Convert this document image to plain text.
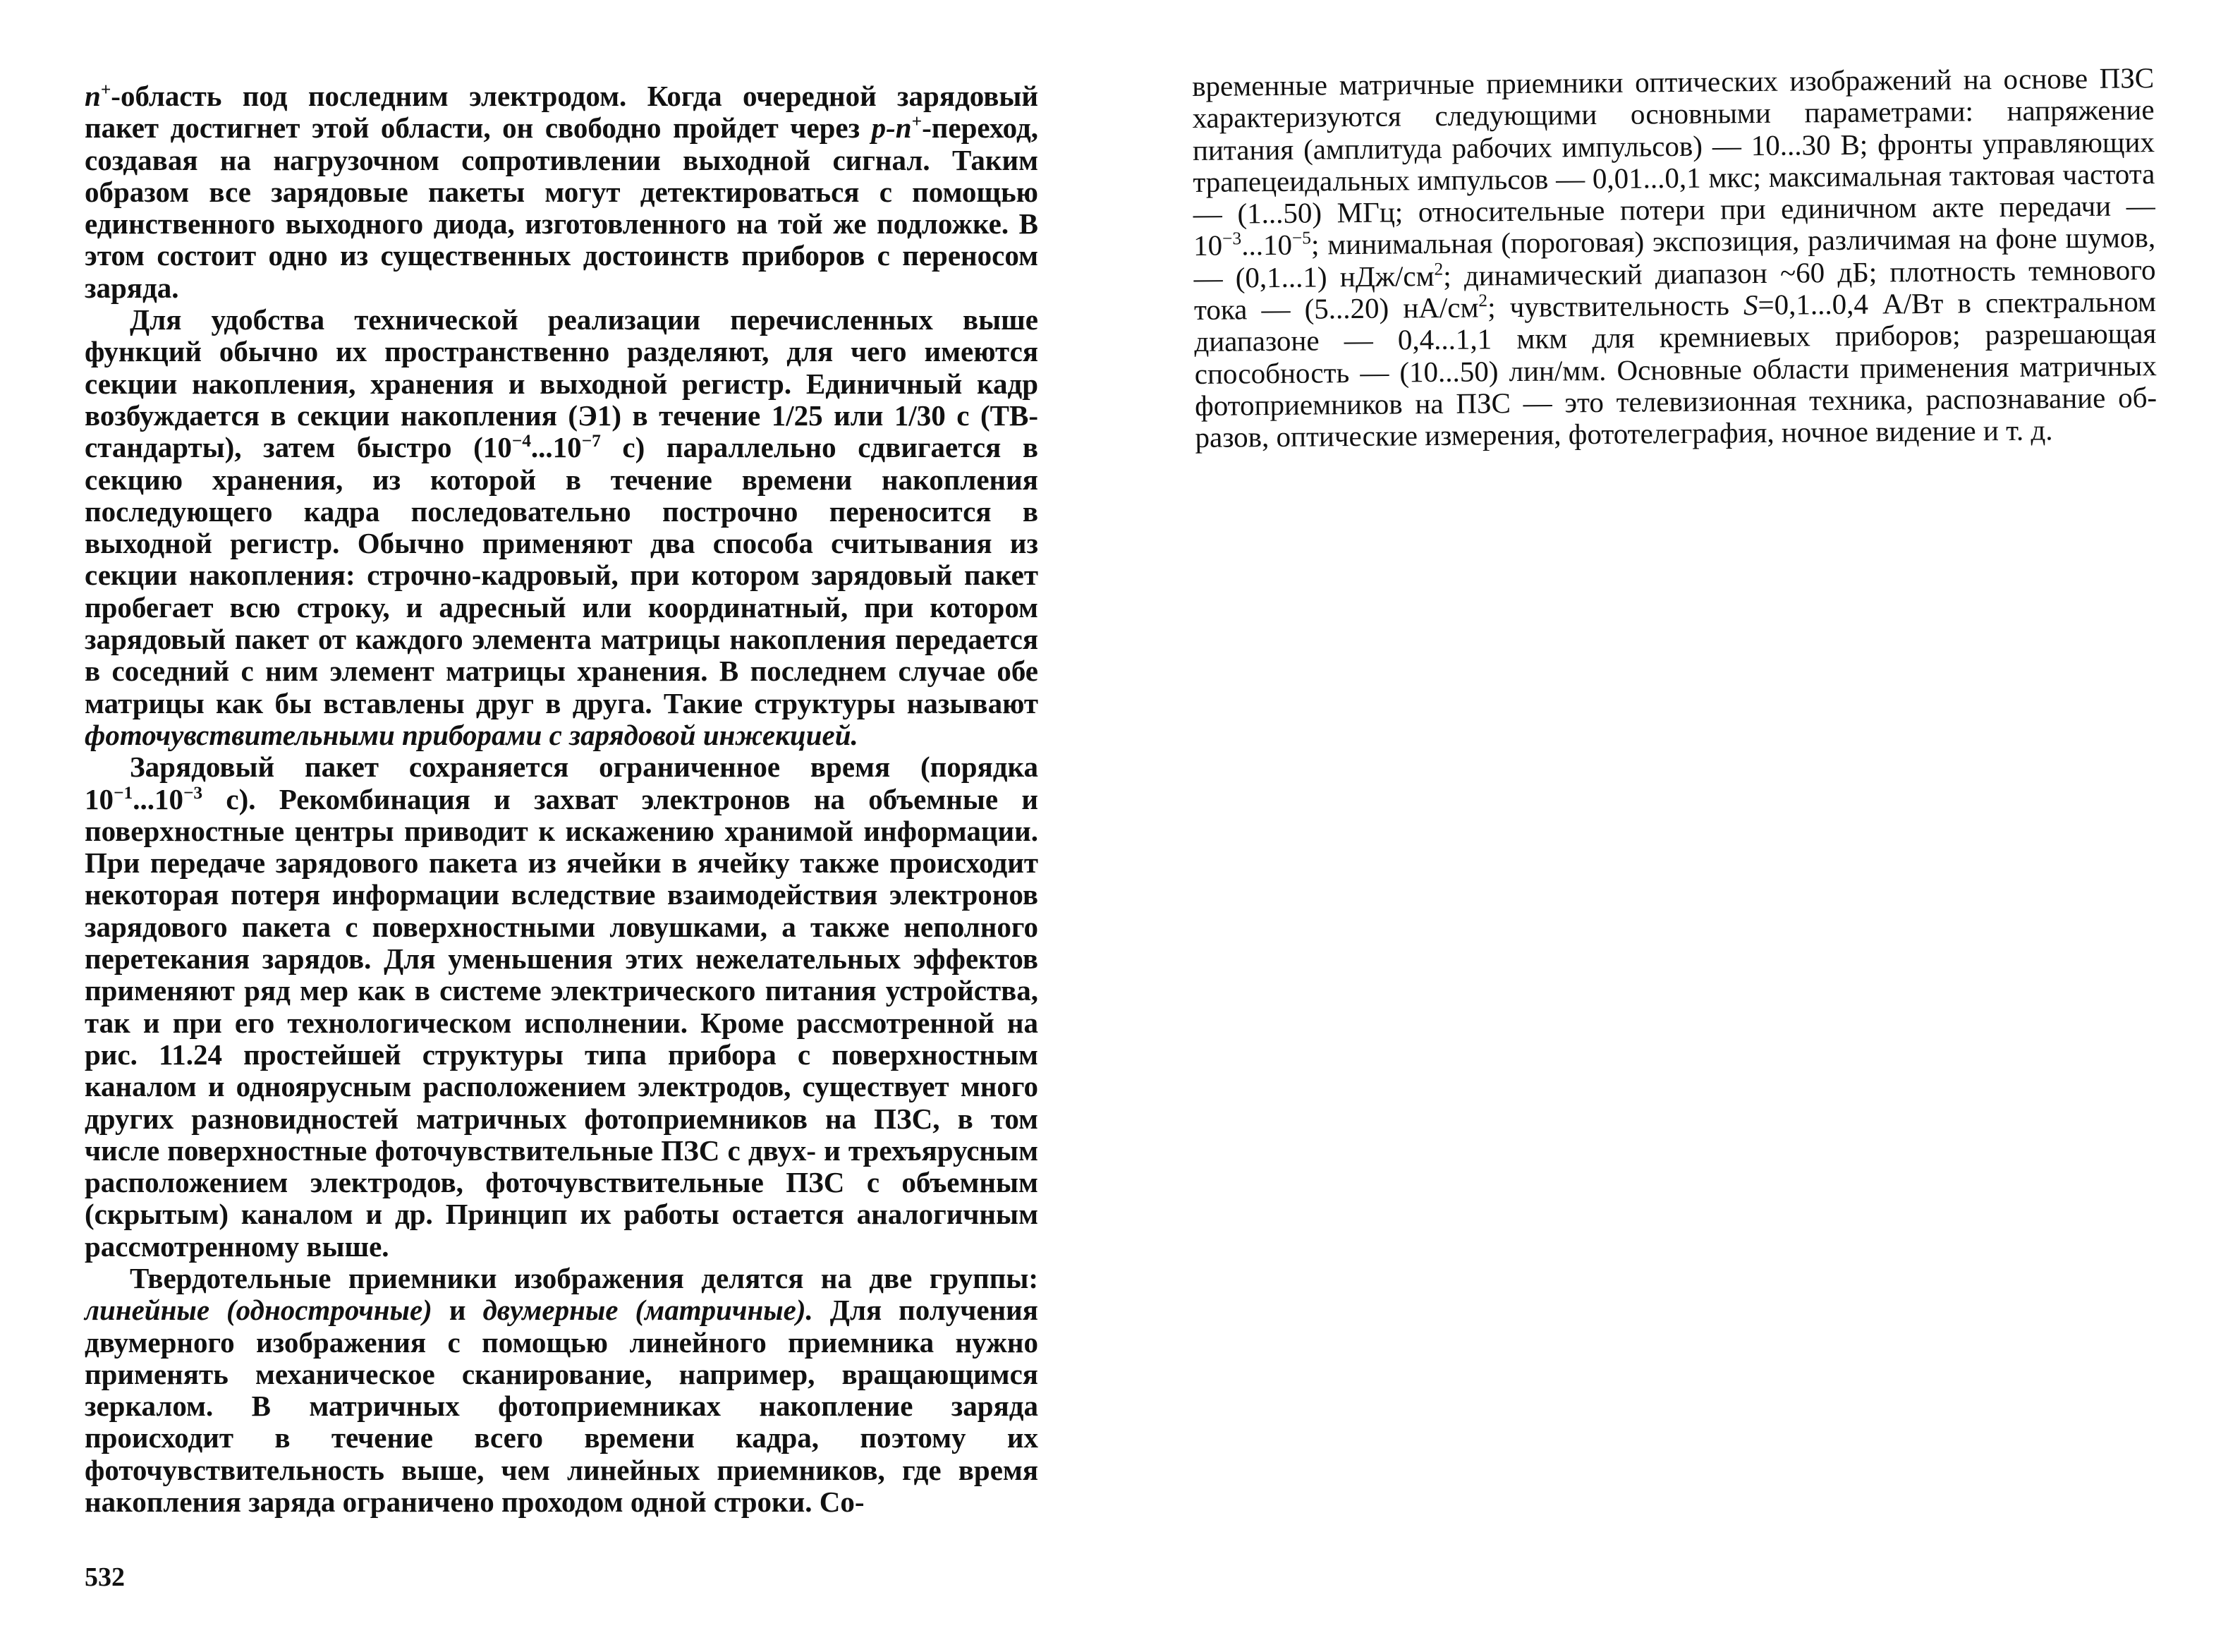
n+-область под последним электродом. Когда очередной зарядовый пакет достигнет этой области, он свободно пройдет через p-n+-переход, создавая на нагрузочном сопротивлении выходной сигнал. Таким образом все зарядовые пакеты могут детектироваться с помощью единственного выходного диода, изготовленного на той же подложке. В этом состоит одно из существенных достоинств приборов с переносом заряда.

Для удобства технической реализации перечисленных выше функций обычно их пространственно разделяют, для чего имеются секции накопления, хранения и выходной регистр. Единичный кадр возбуждается в секции накопления (Э1) в течение 1/25 или 1/30 с (ТВ-стандарты), затем быстро ($10^{-4}...10^{-7}$ с) параллельно сдвигается в секцию хранения, из которой в течение времени накопления последующего кадра последовательно построчно переносится в выходной регистр. Обычно применяют два способа считывания из секции накопления: строчно-кадровый, при котором зарядовый пакет пробегает всю строку, и адресный или координатный, при котором зарядовый пакет от каждого элемента матрицы накопления передается в соседний с ним элемент матрицы хранения. В последнем случае обе матрицы как бы вставлены друг в друга. Такие структуры называют фоточувствительными приборами с зарядовой инжекцией.

Зарядовый пакет сохраняется ограниченное время (порядка $10^{-1}...10^{-3}$ с). Рекомбинация и захват электронов на объемные и поверхностные центры приводит к искажению хранимой информации. При передаче зарядового пакета из ячейки в ячейку также происходит некоторая потеря информации вследствие взаимодействия электронов зарядового пакета с поверхностными ловушками, а также неполного перетекания зарядов. Для уменьшения этих нежелательных эффектов применяют ряд мер как в системе электрического питания устройства, так и при его технологическом исполнении. Кроме рассмотренной на рис. 11.24 простейшей структуры типа прибора с поверхностным каналом и одноярусным расположением электродов, существует много других разновидностей матричных фотоприемников на ПЗС, в том числе поверхностные фоточувствительные ПЗС с двух- и трехъярусным расположением электродов, фоточувствительные ПЗС с объемным (скрытым) каналом и др. Принцип их работы остается аналогичным рассмотренному выше.

Твердотельные приемники изображения делятся на две группы: линейные (однострочные) и двумерные (матричные). Для получения двумерного изображения с помощью линейного приемника нужно применять механическое сканирование, например, вращающимся зеркалом. В матричных фотоприемниках накопление заряда происходит в течение всего времени кадра, поэтому их фоточувствительность выше, чем линейных приемников, где время накопления заряда ограничено проходом одной строки. Со-

532

временные матричные приемники оптических изображений на основе ПЗС характеризуются следующими основными параметрами: напряжение питания (амплитуда рабочих импульсов) — 10...30 В; фронты управляющих трапецеидальных импульсов — 0,01...0,1 мкс; максимальная тактовая частота — (1...50) МГц; относительные потери при единичном акте передачи — $10^{-3}...10^{-5}$; минимальная (пороговая) экспозиция, различимая на фоне шумов,— (0,1...1) нДж/$см^2$; динамический диапазон ~60 дБ; плотность темнового тока — (5...20) $нА/см^2$; чувствительность S=0,1...0,4 А/Вт в спектральном диапазоне — 0,4...1,1 мкм для кремниевых приборов; разрешающая способность — (10...50) лин/мм. Основные области применения матричных фотоприемников на ПЗС — это телевизионная техника, распознавание образов, оптические измерения, фототелеграфия, ночное видение и т. д.
